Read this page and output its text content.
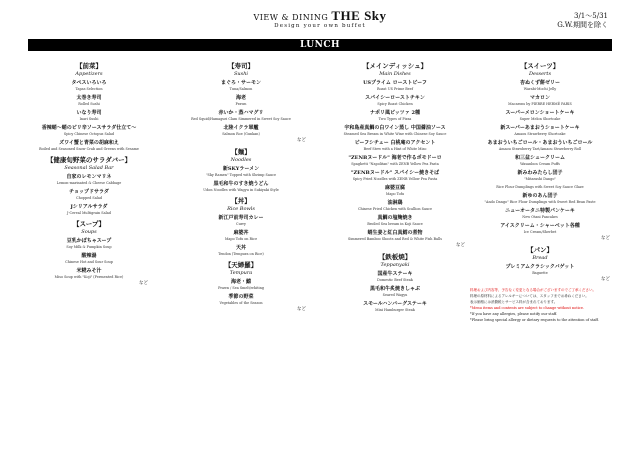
VIEW & DINING THE Sky
Design your own buffet
3/1～5/31
G.W.期間を除く
LUNCH
【前菜】
Appetizers
タペスいろいろ
Tapas Selection
太巻き寿司
Rolled Sushi
いなり寿司
Inari Sushi
香辣蛸〜蛸のピリ辛ソースサラダ仕立て〜
Spicy Chinese Octopus Salad
ズワイ蟹と青菜の胡麻和え
Boiled and Seasoned Snow Crab and Greens with Sesame
【健康旬野菜のサラダバー】
Seasonal Salad Bar
自家のレモンマリネ
Lemon-marinated & Cheese Cabbage
チョップドサラダ
Chopped Salad
Jシリアルサラダ
J-Cereal Multigrain Salad
【スープ】
Soups
豆乳かぼちゃスープ
Soy Milk & Pumpkin Soup
酸辣湯
Chinese Hot and Sour Soup
米糀みそ汁
Miso Soup with "Koji" (Fermented Rice)
など
【寿司】
Sushi
まぐろ・サーモン
Tuna/Salmon
海老
Prawn
赤いか・蒸ハマグリ
Red Squid/Hamaguri Clam Simmered in Sweet Soy Sauce
北陸イクラ軍艦
Salmon Roe (Gunkan)
など
【麺】
Noodles
新SKYラーメン
"Sky Ramen" Topped with Shrimp Sauce
黒毛和牛のすき焼うどん
Udon Noodles with Wagyu in Sukiyaki Style
【丼】
Rice Bowls
新江戸前寿司カレー
Curry
麻婆丼
Mapo Tofu on Rice
天丼
Tendon (Tempura on Rice)
【天婦羅】
Tempura
海老・鱚
Prawn / Sea Smelt/whiting
季節の野菜
Vegetables of the Season
など
【メインディッシュ】
Main Dishes
USプライム ローストビーフ
Roast US Prime Beef
スパイシーローストチキン
Spicy Roast Chicken
ナポリ風ピッツァ 2種
Two Types of Pizza
宇和島産真鯛の白ワイン蒸し 中国醤油ソース
Steamed Sea Bream in White Wine with Chinese Soy Sauce
ビーフシチュー 白桃庵のアクセント
Beef Stew with a Hint of White Miso
"ZENBヌードル" 海老で作るポモドーロ
Spaghetti "Napolitan" with ZENB Yellow Pea Pasta
"ZENBヌードル" スパイシー焼きそば
Spicy Fried Noodles with ZENB Yellow Pea Pasta
麻婆豆腐
Mapo Tofu
油淋鶏
Chinese Fried Chicken with Scallion Sauce
真鯛の塩麹焼き
Broiled Sea bream in Koji Sauce
蛸生姜と紅白真鱈の煮物
Simmered Bamboo Shoots and Red & White Fish Balls
など
【鉄板焼】
Teppanyaki
国産牛ステーキ
Domestic Beef Steak
黒毛和牛炙焼きしゃぶ
Seared Wagyu
スモールハンバーグステーキ
Mini Hamburger Steak
【スイーツ】
Desserts
杏ぬくず餅ゼリー
Warabi-Mochi Jelly
マカロン
Macarons by PIERRE HERMÉ PARIS
スーパーメロンショートケーキ
Super Melon Shortcake
新スーパーあまおうショートケーキ
Amaou Strawberry Shortcake
あまおういちごロール・あまおういちごロール
Amaou Strawberry Tart/Amaou Strawberry Roll
和三盆シュークリーム
Wasanbon Cream Puffs
新みわみたらし団子
"Mitarashi Dango"
Rice Flour Dumplings with Sweet Soy Sauce Glaze
新ゆのあん団子
"Ando Dango" Rice Flour Dumplings with Sweet Red Bean Paste
ニューオータニ特製パンケーキ
New Otani Pancakes
アイスクリーム・シャーベット各種
Ice Cream/Sherbet
など
【パン】
Bread
プレミアムクラシックバゲット
Baguette
など
料理および内容等、予告なく変更となる場合がございますのでご了承ください。
料理の原材料によるアレルギーについては、スタッフまでお尋ねください。
表示価格には消費税とサービス料が含まれております。
*Menu items and contents are subject to change without notice.
*If you have any allergies, please notify our staff.
*Please bring special allergy or dietary requests to the attention of staff.
